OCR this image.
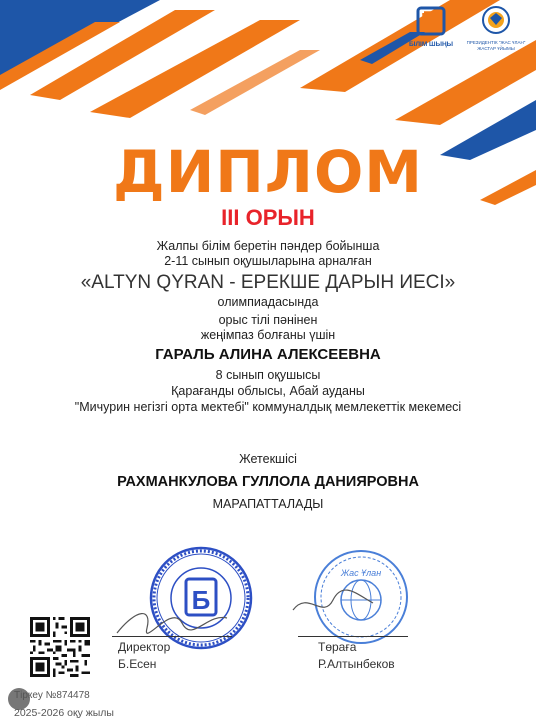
БІЛІМ ШЫҢЫ	ПРЕЗИДЕНТІК "ЖАС ҰЛАН"
ЖАСТАР ҰЙЫМЫ
ДИПЛОМ
III ОРЫН
Жалпы білім беретін пәндер бойынша
2-11 сынып оқушыларына арналған
«ALTYN QYRAN - ЕРЕКШЕ ДАРЫН ИЕСІ»
олимпиадасында
орыс тілі пәнінен
жеңімпаз болғаны үшін
ГАРАЛЬ АЛИНА АЛЕКСЕЕВНА
8 сынып оқушысы
Қарағанды облысы, Абай ауданы
"Мичурин негізгі орта мектебі" коммуналдық мемлекеттік мекемесі
Жетекшісі
РАХМАНКУЛОВА ГУЛЛОЛА ДАНИЯРОВНА
МАРАПАТТАЛАДЫ
Б
Жас Ұлан
Директор
Б.Есен
Төраға
Р.Алтынбеков
Тіркеу №874478
2025-2026 оқу жылы
